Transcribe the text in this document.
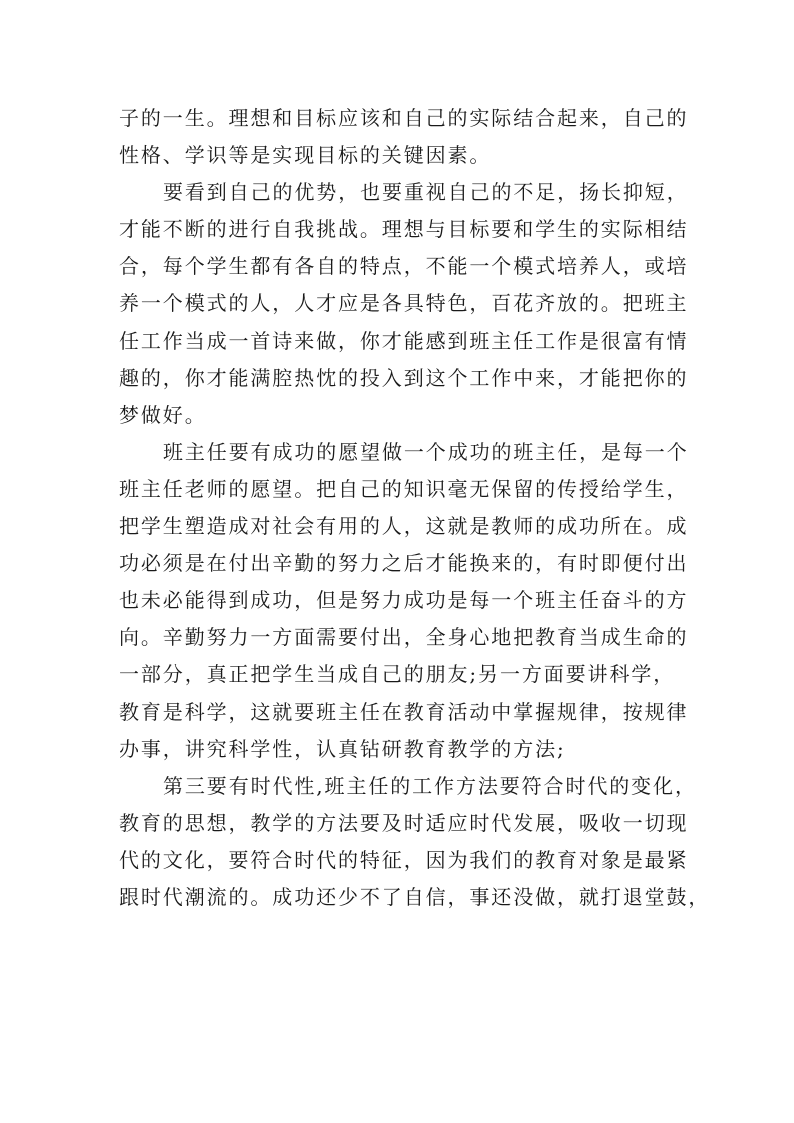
子的一生。理想和目标应该和自己的实际结合起来，自己的
性格、学识等是实现目标的关键因素。
要看到自己的优势，也要重视自己的不足，扬长抑短，
才能不断的进行自我挑战。理想与目标要和学生的实际相结
合，每个学生都有各自的特点，不能一个模式培养人，或培
养一个模式的人，人才应是各具特色，百花齐放的。把班主
任工作当成一首诗来做，你才能感到班主任工作是很富有情
趣的，你才能满腔热忱的投入到这个工作中来，才能把你的
梦做好。
班主任要有成功的愿望做一个成功的班主任，是每一个
班主任老师的愿望。把自己的知识毫无保留的传授给学生，
把学生塑造成对社会有用的人，这就是教师的成功所在。成
功必须是在付出辛勤的努力之后才能换来的，有时即便付出
也未必能得到成功，但是努力成功是每一个班主任奋斗的方
向。辛勤努力一方面需要付出，全身心地把教育当成生命的
一部分，真正把学生当成自己的朋友;另一方面要讲科学，
教育是科学，这就要班主任在教育活动中掌握规律，按规律
办事，讲究科学性，认真钻研教育教学的方法;
第三要有时代性,班主任的工作方法要符合时代的变化，
教育的思想，教学的方法要及时适应时代发展，吸收一切现
代的文化，要符合时代的特征，因为我们的教育对象是最紧
跟时代潮流的。成功还少不了自信，事还没做，就打退堂鼓，
